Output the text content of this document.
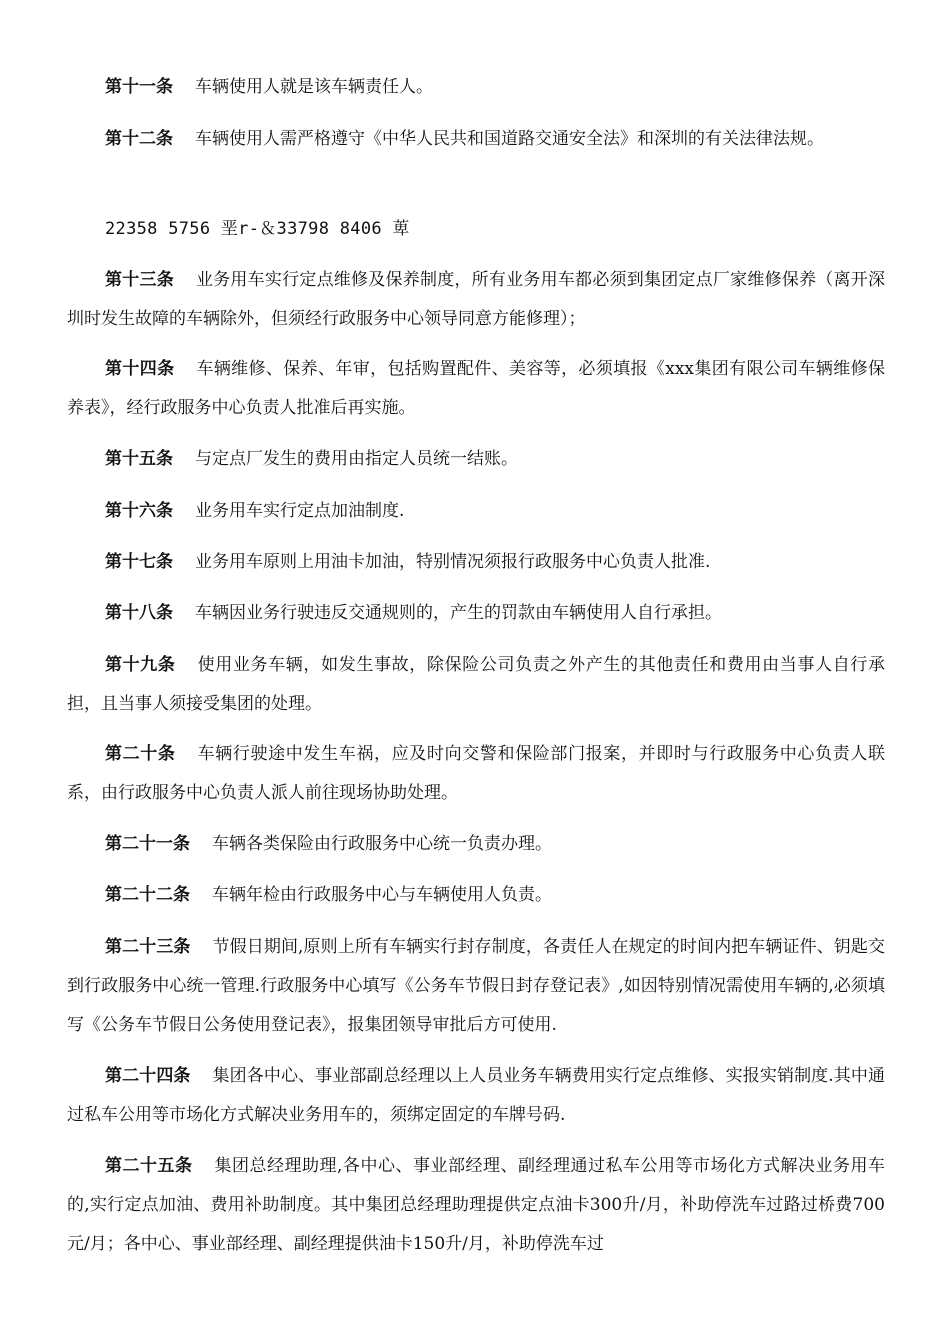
第十一条 车辆使用人就是该车辆责任人。

第十二条 车辆使用人需严格遵守《中华人民共和国道路交通安全法》和深圳的有关法律法规。

22358 5756 垩r-＆33798 8406 萆

第十三条 业务用车实行定点维修及保养制度，所有业务用车都必须到集团定点厂家维修保养（离开深圳时发生故障的车辆除外，但须经行政服务中心领导同意方能修理）；

第十四条 车辆维修、保养、年审，包括购置配件、美容等，必须填报《xxx集团有限公司车辆维修保养表》，经行政服务中心负责人批准后再实施。

第十五条 与定点厂发生的费用由指定人员统一结账。

第十六条 业务用车实行定点加油制度.

第十七条 业务用车原则上用油卡加油，特别情况须报行政服务中心负责人批准.

第十八条 车辆因业务行驶违反交通规则的，产生的罚款由车辆使用人自行承担。

第十九条 使用业务车辆，如发生事故，除保险公司负责之外产生的其他责任和费用由当事人自行承担，且当事人须接受集团的处理。

第二十条 车辆行驶途中发生车祸，应及时向交警和保险部门报案，并即时与行政服务中心负责人联系，由行政服务中心负责人派人前往现场协助处理。

第二十一条 车辆各类保险由行政服务中心统一负责办理。

第二十二条 车辆年检由行政服务中心与车辆使用人负责。

第二十三条 节假日期间,原则上所有车辆实行封存制度，各责任人在规定的时间内把车辆证件、钥匙交到行政服务中心统一管理.行政服务中心填写《公务车节假日封存登记表》,如因特别情况需使用车辆的,必须填写《公务车节假日公务使用登记表》，报集团领导审批后方可使用.

第二十四条 集团各中心、事业部副总经理以上人员业务车辆费用实行定点维修、实报实销制度.其中通过私车公用等市场化方式解决业务用车的，须绑定固定的车牌号码.

第二十五条 集团总经理助理,各中心、事业部经理、副经理通过私车公用等市场化方式解决业务用车的,实行定点加油、费用补助制度。其中集团总经理助理提供定点油卡300升/月，补助停洗车过路过桥费700元/月；各中心、事业部经理、副经理提供油卡150升/月，补助停洗车过
